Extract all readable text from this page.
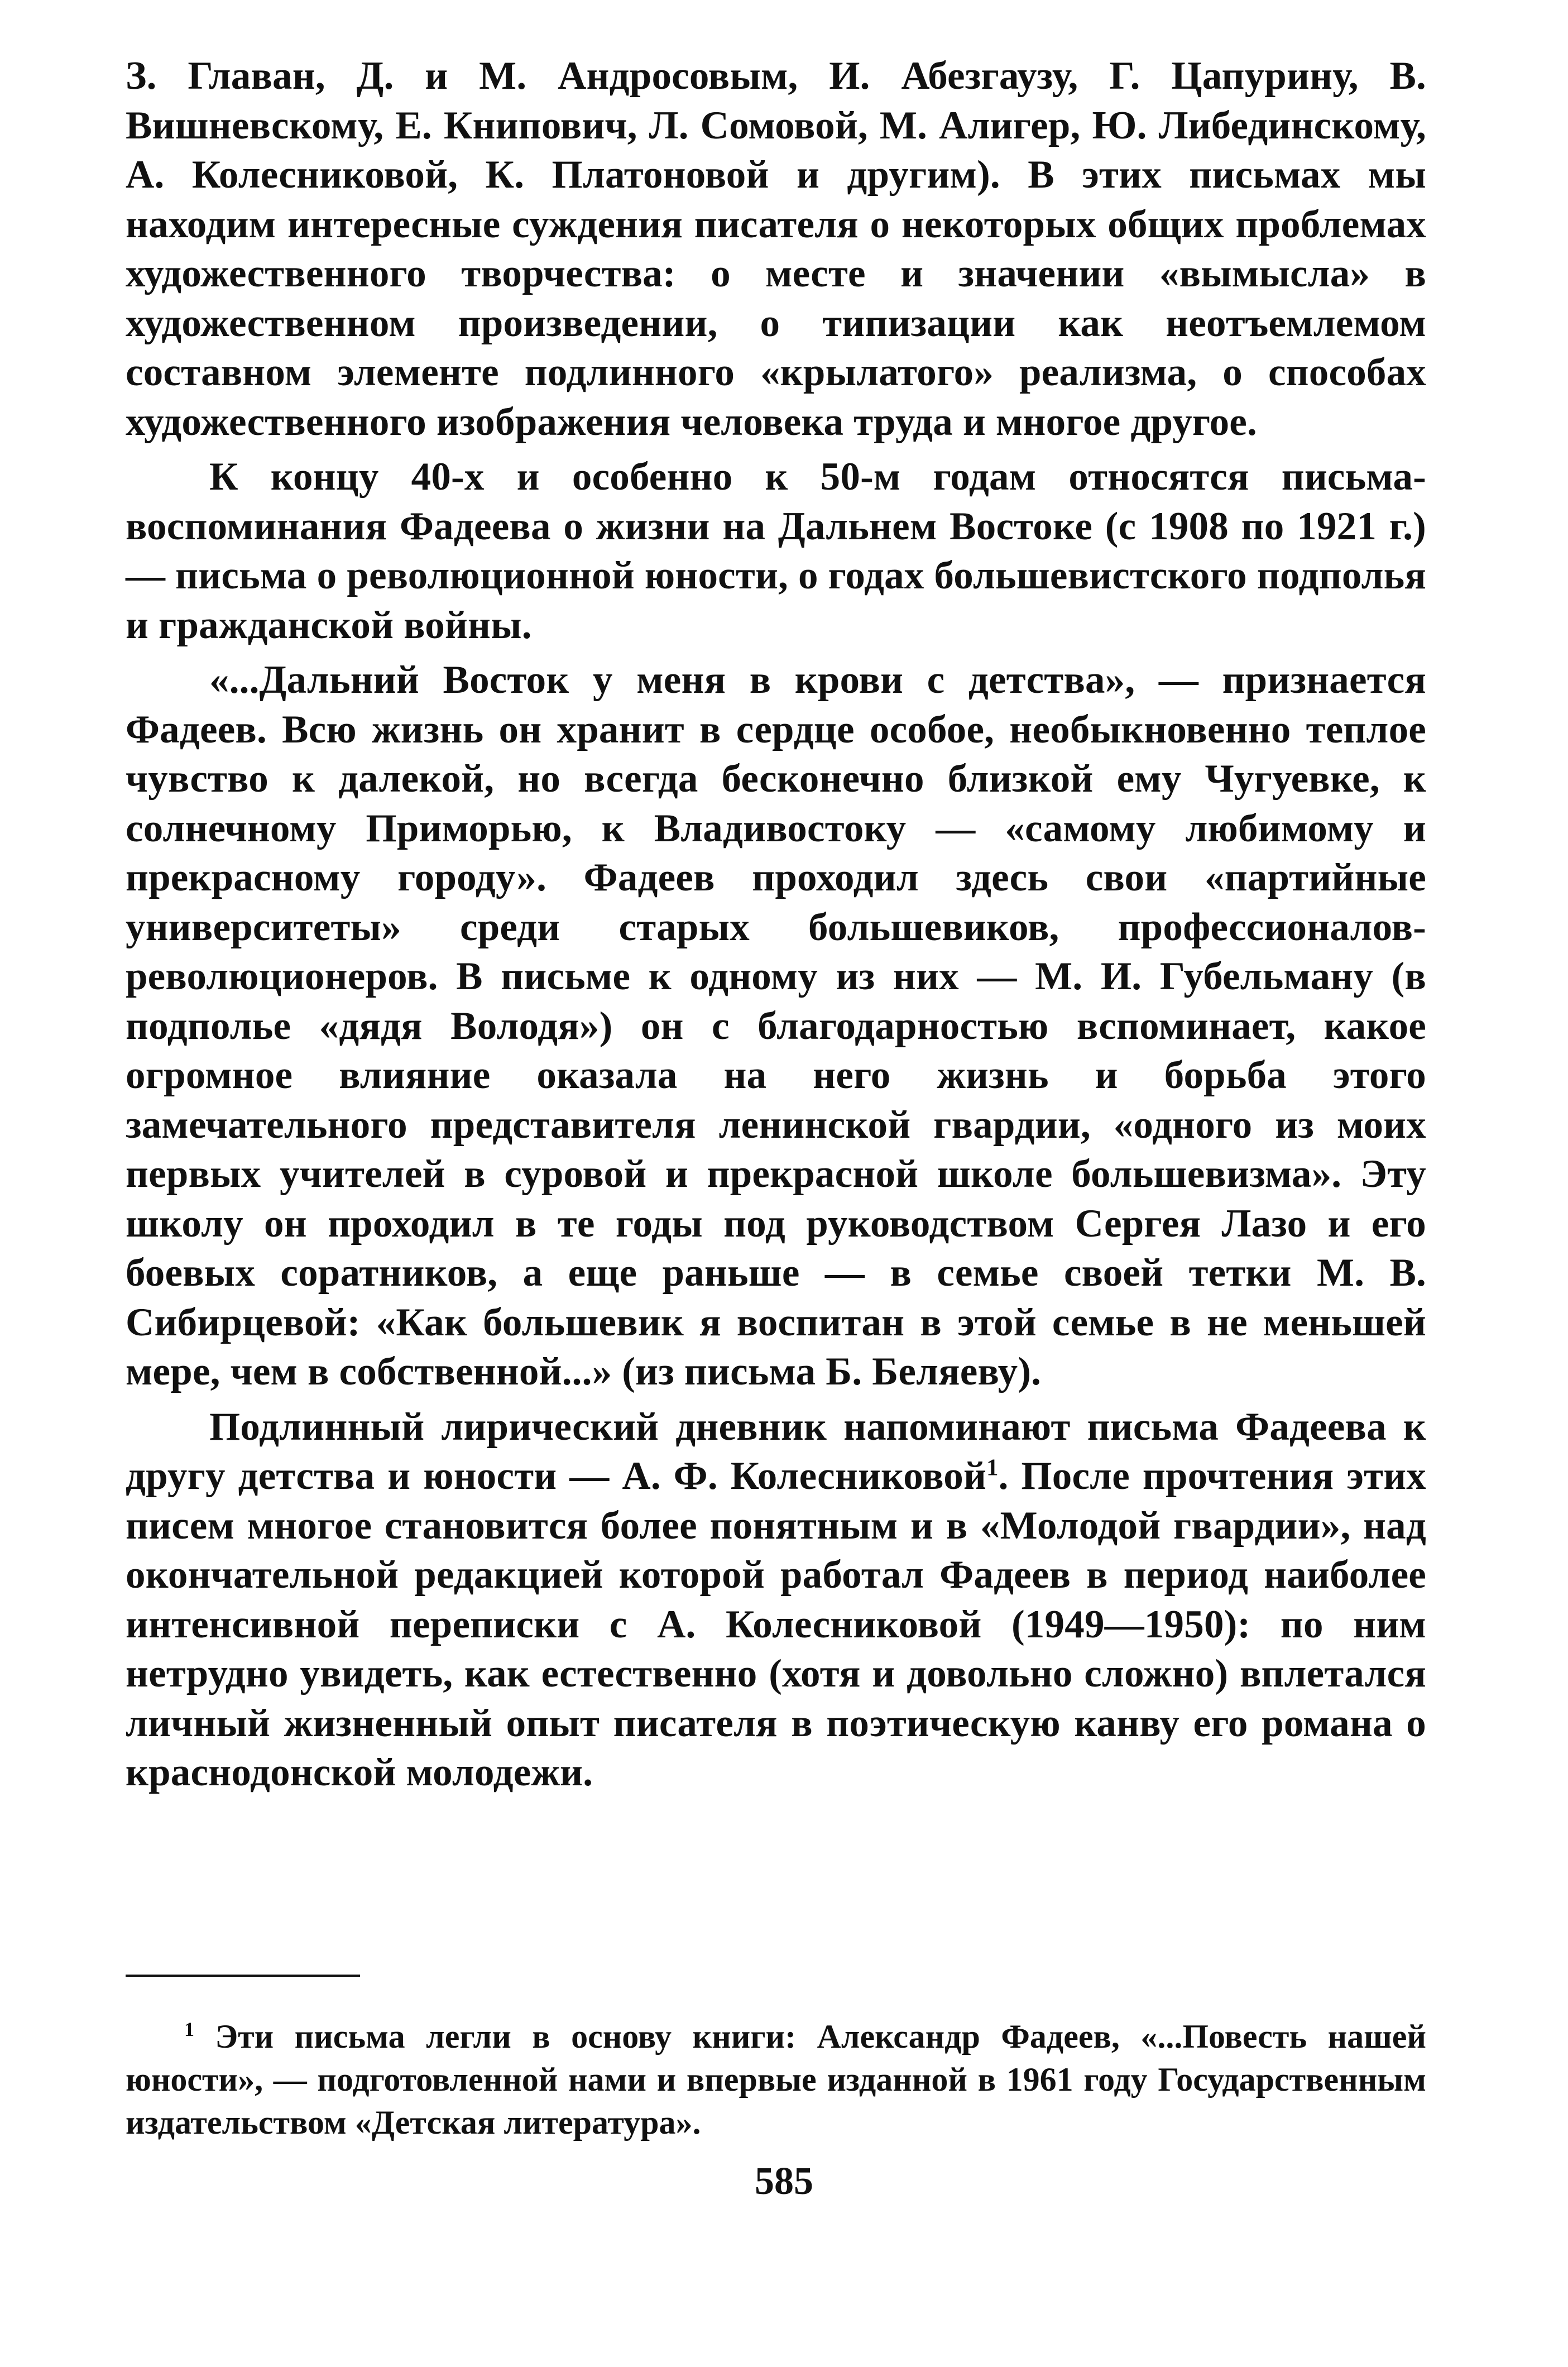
З. Главан, Д. и М. Андросовым, И. Абезгаузу, Г. Цапурину, В. Вишневскому, Е. Книпович, Л. Сомовой, М. Алигер, Ю. Либединскому, А. Колесниковой, К. Платоновой и другим). В этих письмах мы находим интересные суждения писателя о некоторых общих проблемах художественного творчества: о месте и значении «вымысла» в художественном произведении, о типизации как неотъемлемом составном элементе подлинного «крылатого» реализма, о способах художественного изображения человека труда и многое другое.

К концу 40-х и особенно к 50-м годам относятся письма-воспоминания Фадеева о жизни на Дальнем Востоке (с 1908 по 1921 г.) — письма о революционной юности, о годах большевистского подполья и гражданской войны.

«...Дальний Восток у меня в крови с детства», — признается Фадеев. Всю жизнь он хранит в сердце особое, необыкновенно теплое чувство к далекой, но всегда бесконечно близкой ему Чугуевке, к солнечному Приморью, к Владивостоку — «самому любимому и прекрасному городу». Фадеев проходил здесь свои «партийные университеты» среди старых большевиков, профессионалов-революционеров. В письме к одному из них — М. И. Губельману (в подполье «дядя Володя») он с благодарностью вспоминает, какое огромное влияние оказала на него жизнь и борьба этого замечательного представителя ленинской гвардии, «одного из моих первых учителей в суровой и прекрасной школе большевизма». Эту школу он проходил в те годы под руководством Сергея Лазо и его боевых соратников, а еще раньше — в семье своей тетки М. В. Сибирцевой: «Как большевик я воспитан в этой семье в не меньшей мере, чем в собственной...» (из письма Б. Беляеву).

Подлинный лирический дневник напоминают письма Фадеева к другу детства и юности — А. Ф. Колесниковой$^1$. После прочтения этих писем многое становится более понятным и в «Молодой гвардии», над окончательной редакцией которой работал Фадеев в период наиболее интенсивной переписки с А. Колесниковой (1949—1950): по ним нетрудно увидеть, как естественно (хотя и довольно сложно) вплетался личный жизненный опыт писателя в поэтическую канву его романа о краснодонской молодежи.

$^1$ Эти письма легли в основу книги: Александр Фадеев, «...Повесть нашей юности», — подготовленной нами и впервые изданной в 1961 году Государственным издательством «Детская литература».
585
